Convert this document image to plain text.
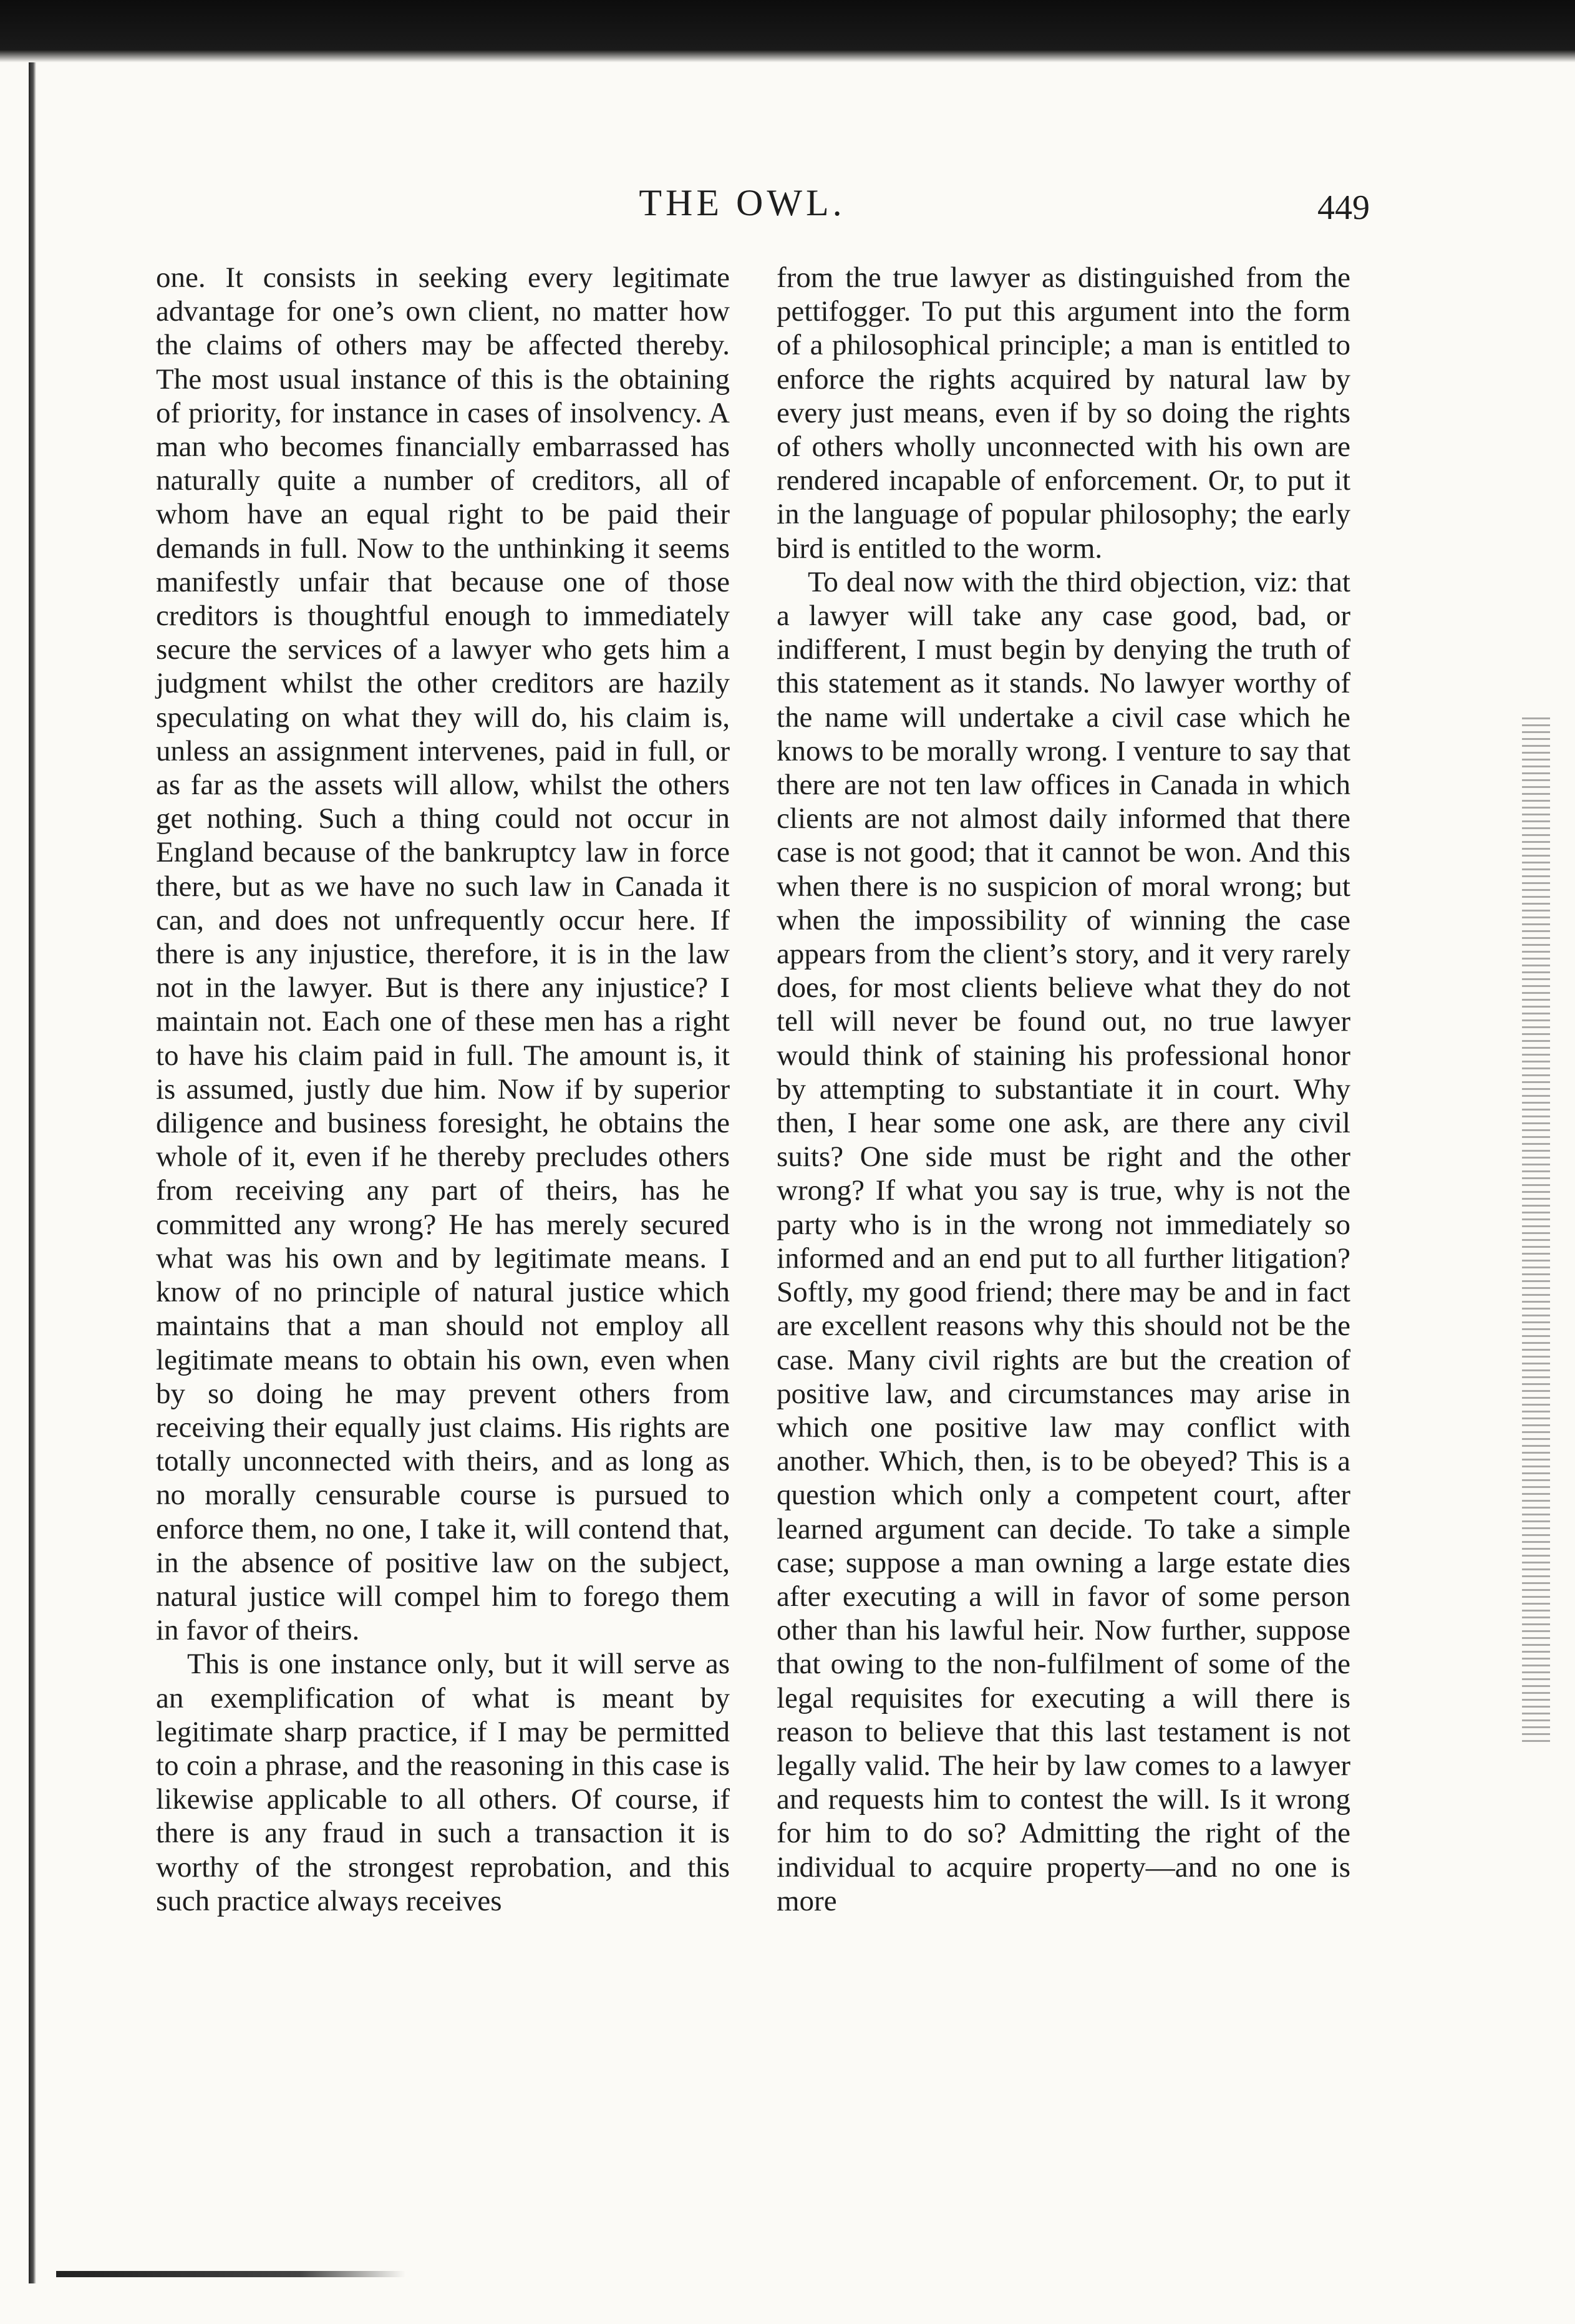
THE OWL.	449

one. It consists in seeking every legitimate advantage for one’s own client, no matter how the claims of others may be affected thereby. The most usual instance of this is the obtaining of priority, for instance in cases of insolvency. A man who becomes financially embarrassed has naturally quite a number of creditors, all of whom have an equal right to be paid their demands in full. Now to the unthinking it seems manifestly unfair that because one of those creditors is thoughtful enough to immediately secure the services of a lawyer who gets him a judgment whilst the other creditors are hazily speculating on what they will do, his claim is, unless an assignment intervenes, paid in full, or as far as the assets will allow, whilst the others get nothing. Such a thing could not occur in England because of the bankruptcy law in force there, but as we have no such law in Canada it can, and does not unfrequently occur here. If there is any injustice, therefore, it is in the law not in the lawyer. But is there any injustice? I maintain not. Each one of these men has a right to have his claim paid in full. The amount is, it is assumed, justly due him. Now if by superior diligence and business foresight, he obtains the whole of it, even if he thereby precludes others from receiving any part of theirs, has he committed any wrong? He has merely secured what was his own and by legitimate means. I know of no principle of natural justice which maintains that a man should not employ all legitimate means to obtain his own, even when by so doing he may prevent others from receiving their equally just claims. His rights are totally unconnected with theirs, and as long as no morally censurable course is pursued to enforce them, no one, I take it, will contend that, in the absence of positive law on the subject, natural justice will compel him to forego them in favor of theirs.

This is one instance only, but it will serve as an exemplification of what is meant by legitimate sharp practice, if I may be permitted to coin a phrase, and the reasoning in this case is likewise applicable to all others. Of course, if there is any fraud in such a transaction it is worthy of the strongest reprobation, and this such practice always receives

from the true lawyer as distinguished from the pettifogger. To put this argument into the form of a philosophical principle; a man is entitled to enforce the rights acquired by natural law by every just means, even if by so doing the rights of others wholly unconnected with his own are rendered incapable of enforcement. Or, to put it in the language of popular philosophy; the early bird is entitled to the worm.

To deal now with the third objection, viz: that a lawyer will take any case good, bad, or indifferent, I must begin by denying the truth of this statement as it stands. No lawyer worthy of the name will undertake a civil case which he knows to be morally wrong. I venture to say that there are not ten law offices in Canada in which clients are not almost daily informed that there case is not good; that it cannot be won. And this when there is no suspicion of moral wrong; but when the impossibility of winning the case appears from the client’s story, and it very rarely does, for most clients believe what they do not tell will never be found out, no true lawyer would think of staining his professional honor by attempting to substantiate it in court. Why then, I hear some one ask, are there any civil suits? One side must be right and the other wrong? If what you say is true, why is not the party who is in the wrong not immediately so informed and an end put to all further litigation? Softly, my good friend; there may be and in fact are excellent reasons why this should not be the case. Many civil rights are but the creation of positive law, and circumstances may arise in which one positive law may conflict with another. Which, then, is to be obeyed? This is a question which only a competent court, after learned argument can decide. To take a simple case; suppose a man owning a large estate dies after executing a will in favor of some person other than his lawful heir. Now further, suppose that owing to the non-fulfilment of some of the legal requisites for executing a will there is reason to believe that this last testament is not legally valid. The heir by law comes to a lawyer and requests him to contest the will. Is it wrong for him to do so? Admitting the right of the individual to acquire property—and no one is more
